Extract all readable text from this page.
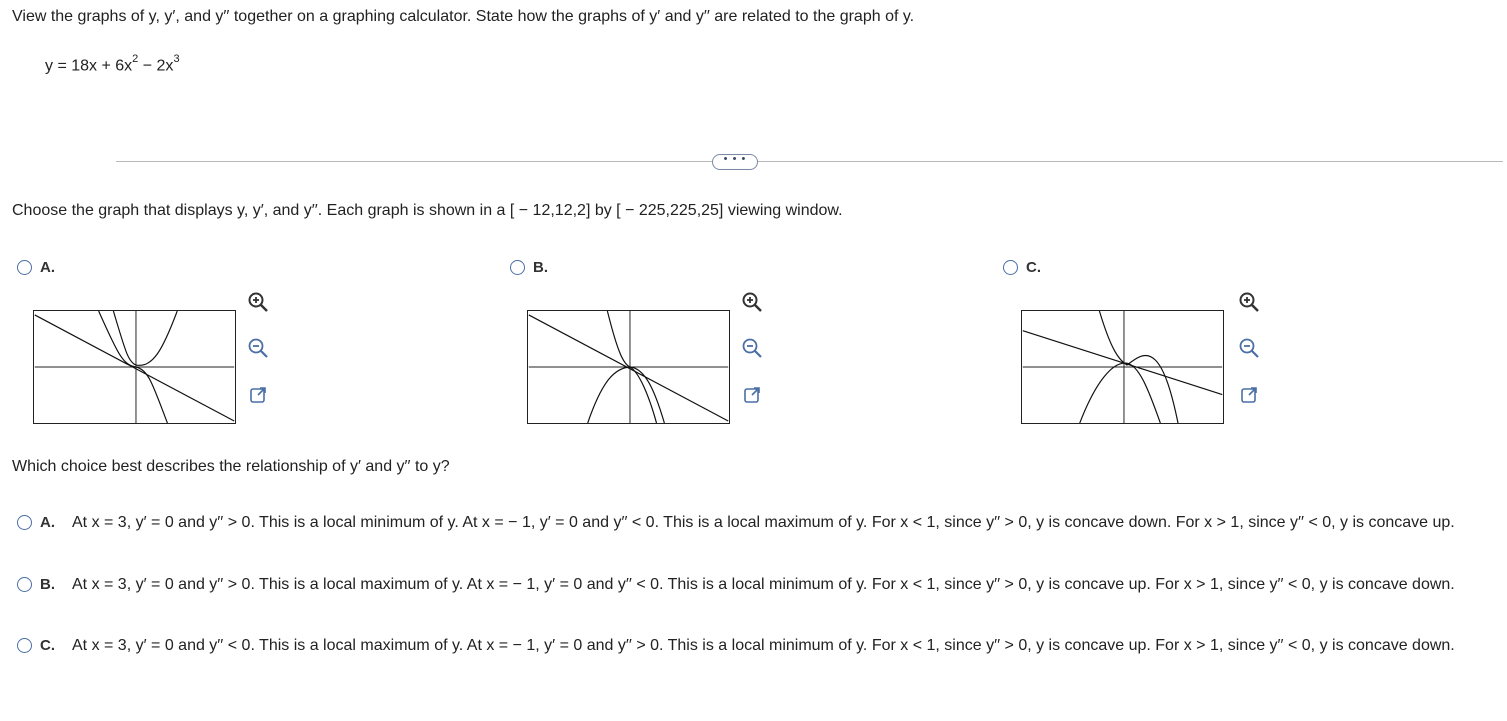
View the graphs of y, y′, and y′′ together on a graphing calculator. State how the graphs of y′ and y′′ are related to the graph of y.
$y = 18x + 6x^2 - 2x^3$
• • •
Choose the graph that displays y, y′, and y′′. Each graph is shown in a [ − 12,12,2] by [ − 225,225,25] viewing window.
A.	B.	C.
Which choice best describes the relationship of y′ and y′′ to y?
A.	At x = 3, y′ = 0 and y′′ > 0. This is a local minimum of y. At x = − 1, y′ = 0 and y′′ < 0. This is a local maximum of y. For x < 1, since y′′ > 0, y is concave down. For x > 1, since y′′ < 0, y is concave up.
B.	At x = 3, y′ = 0 and y′′ > 0. This is a local maximum of y. At x = − 1, y′ = 0 and y′′ < 0. This is a local minimum of y. For x < 1, since y′′ > 0, y is concave up. For x > 1, since y′′ < 0, y is concave down.
C.	At x = 3, y′ = 0 and y′′ < 0. This is a local maximum of y. At x = − 1, y′ = 0 and y′′ > 0. This is a local minimum of y. For x < 1, since y′′ > 0, y is concave up. For x > 1, since y′′ < 0, y is concave down.
